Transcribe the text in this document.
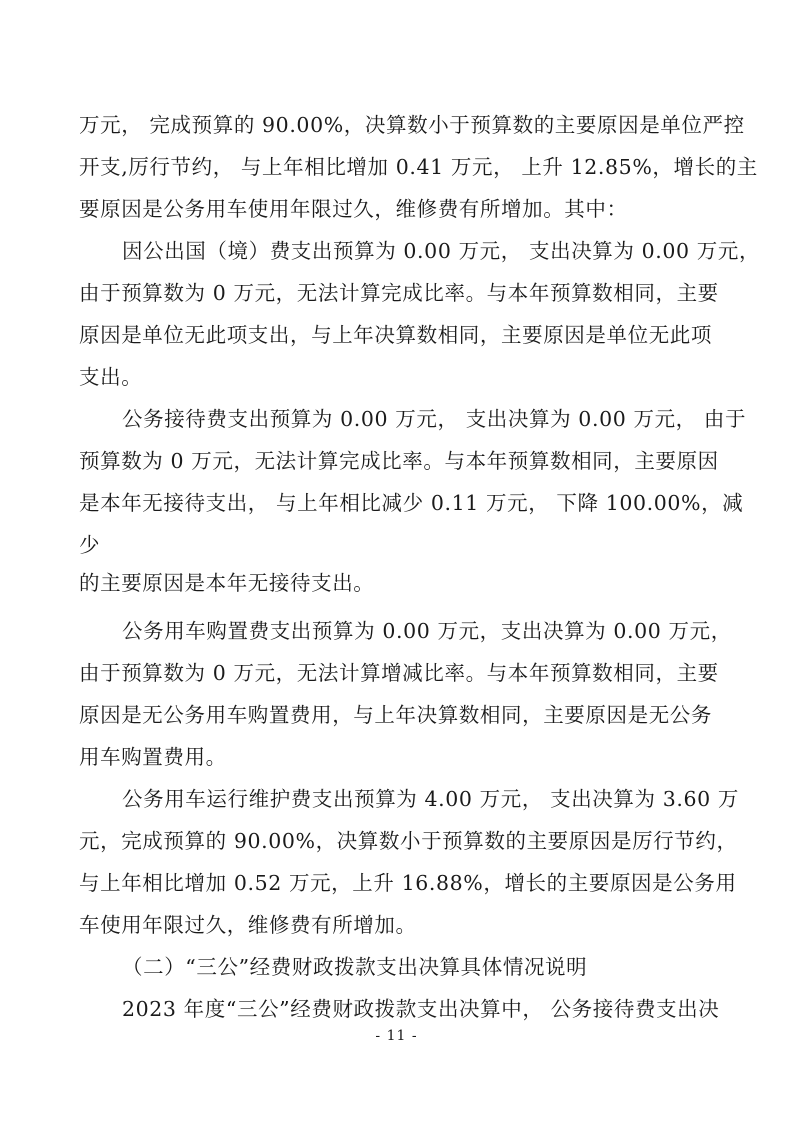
万元， 完成预算的 90.00%，决算数小于预算数的主要原因是单位严控

开支,厉行节约， 与上年相比增加 0.41 万元， 上升 12.85%，增长的主

要原因是公务用车使用年限过久，维修费有所增加。其中：

因公出国（境）费支出预算为 0.00 万元， 支出决算为 0.00 万元，

由于预算数为 0 万元，无法计算完成比率。与本年预算数相同，主要

原因是单位无此项支出，与上年决算数相同，主要原因是单位无此项

支出。

公务接待费支出预算为 0.00 万元， 支出决算为 0.00 万元， 由于

预算数为 0 万元，无法计算完成比率。与本年预算数相同，主要原因

是本年无接待支出， 与上年相比减少 0.11 万元， 下降 100.00%，减

少

的主要原因是本年无接待支出。

公务用车购置费支出预算为 0.00 万元，支出决算为 0.00 万元，

由于预算数为 0 万元，无法计算增减比率。与本年预算数相同，主要

原因是无公务用车购置费用，与上年决算数相同，主要原因是无公务

用车购置费用。

公务用车运行维护费支出预算为 4.00 万元， 支出决算为 3.60 万

元，完成预算的 90.00%，决算数小于预算数的主要原因是厉行节约，

与上年相比增加 0.52 万元，上升 16.88%，增长的主要原因是公务用

车使用年限过久，维修费有所增加。

（二）“三公”经费财政拨款支出决算具体情况说明

2023 年度“三公”经费财政拨款支出决算中， 公务接待费支出决

- 11 -
